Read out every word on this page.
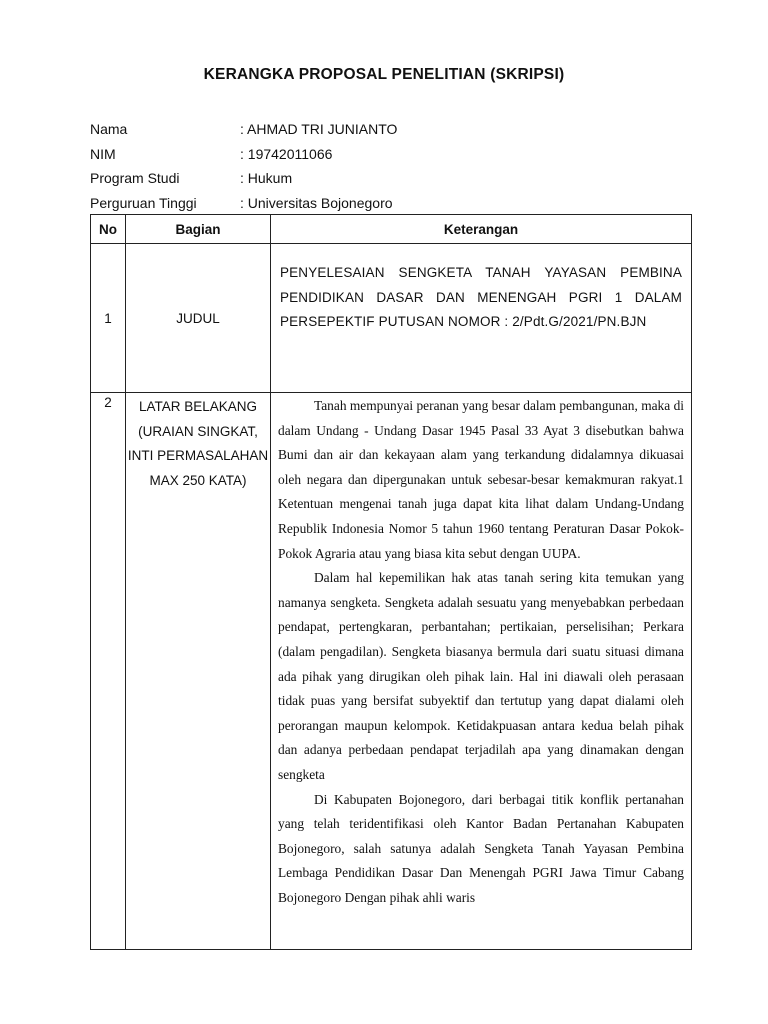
KERANGKA PROPOSAL PENELITIAN (SKRIPSI)
Nama	: AHMAD TRI JUNIANTO
NIM	: 19742011066
Program Studi	: Hukum
Perguruan Tinggi	: Universitas Bojonegoro
No	Bagian	Keterangan
1	JUDUL	PENYELESAIAN SENGKETA TANAH YAYASAN PEMBINA PENDIDIKAN DASAR DAN MENENGAH PGRI 1 DALAM PERSEPEKTIF PUTUSAN NOMOR : 2/Pdt.G/2021/PN.BJN

2	LATAR BELAKANG (URAIAN SINGKAT, INTI PERMASALAHAN MAX 250 KATA)	Tanah mempunyai peranan yang besar dalam pembangunan, maka di dalam Undang - Undang Dasar 1945 Pasal 33 Ayat 3 disebutkan bahwa Bumi dan air dan kekayaan alam yang terkandung didalamnya dikuasai oleh negara dan dipergunakan untuk sebesar-besar kemakmuran rakyat.1 Ketentuan mengenai tanah juga dapat kita lihat dalam Undang-Undang Republik Indonesia Nomor 5 tahun 1960 tentang Peraturan Dasar Pokok-Pokok Agraria atau yang biasa kita sebut dengan UUPA.

Dalam hal kepemilikan hak atas tanah sering kita temukan yang namanya sengketa. Sengketa adalah sesuatu yang menyebabkan perbedaan pendapat, pertengkaran, perbantahan; pertikaian, perselisihan; Perkara (dalam pengadilan). Sengketa biasanya bermula dari suatu situasi dimana ada pihak yang dirugikan oleh pihak lain. Hal ini diawali oleh perasaan tidak puas yang bersifat subyektif dan tertutup yang dapat dialami oleh perorangan maupun kelompok. Ketidakpuasan antara kedua belah pihak dan adanya perbedaan pendapat terjadilah apa yang dinamakan dengan sengketa

Di Kabupaten Bojonegoro, dari berbagai titik konflik pertanahan yang telah teridentifikasi oleh Kantor Badan Pertanahan Kabupaten Bojonegoro, salah satunya adalah Sengketa Tanah Yayasan Pembina Lembaga Pendidikan Dasar Dan Menengah PGRI Jawa Timur Cabang Bojonegoro Dengan pihak ahli waris
